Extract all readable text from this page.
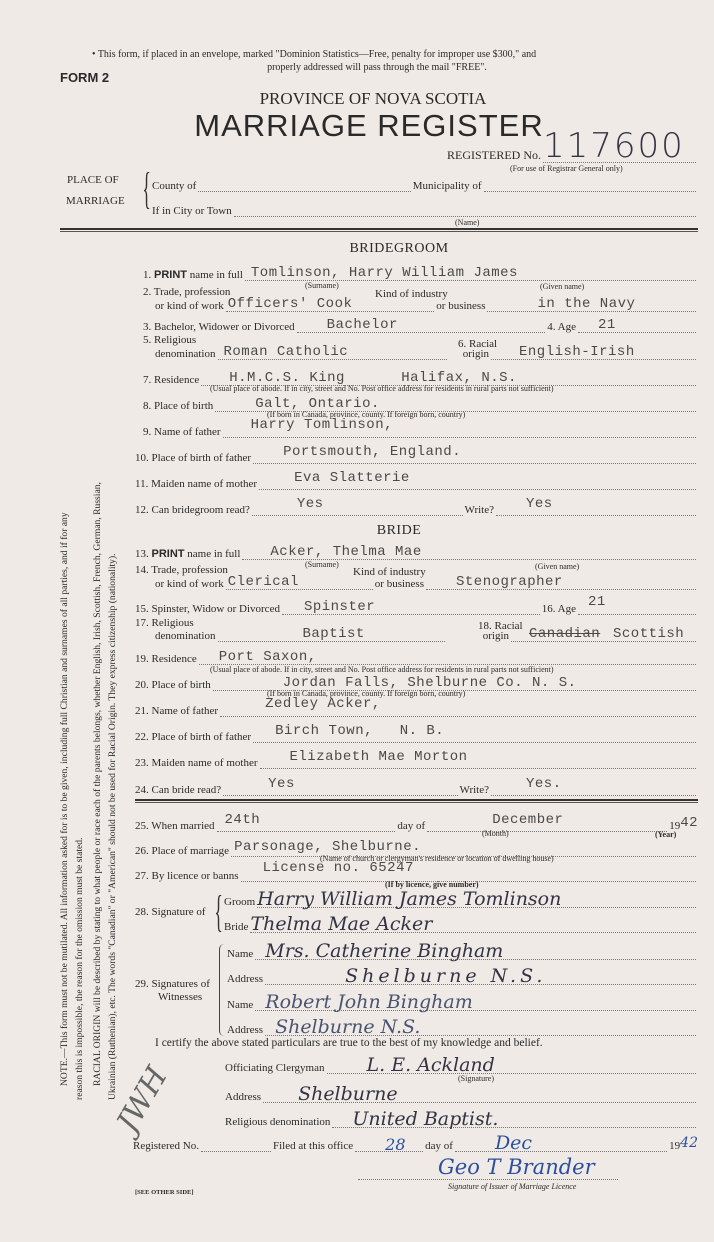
• This form, if placed in an envelope, marked "Dominion Statistics—Free, penalty for improper use $300," and
properly addressed will pass through the mail "FREE".
FORM 2
PROVINCE OF NOVA SCOTIA
MARRIAGE REGISTER
REGISTERED No. 117600
(For use of Registrar General only)
PLACE OF
MARRIAGE { County of	Municipality of
If in City or Town
(Name)

NOTE.—This form must not be mutilated. All information asked for is to be given, including full Christian and surnames of all parties, and if for any reason this is impossible, the reason for the omission must be stated. RACIAL ORIGIN will be described by stating to what people or race each of the parents belongs, whether English, Irish, Scottish, French, German, Russian, Ukrainian (Ruthenian), etc. The words "Canadian" or "American" should not be used for Racial Origin. They express citizenship (nationality).

BRIDEGROOM
1.
PRINT
name in full Tomlinson, Harry William James
(Surname)	(Given name)
2. Trade, profession	Kind of industry
or kind of work Officers' Cook	or business	in the Navy
3. Bachelor, Widower or Divorced Bachelor	4. Age 21
5. Religious	6. Racial
denomination Roman Catholic	origin English-Irish
7. Residence H.M.C.S. King	Halifax, N.S.
(Usual place of abode. If in city, street and No. Post office address for residents in rural parts not sufficient)
8. Place of birth	Galt, Ontario.
(If born in Canada, province, county. If foreign born, country)
9. Name of father Harry Tomlinson,
10. Place of birth of father Portsmouth, England.
11. Maiden name of mother	Eva Slatterie
12. Can bridegroom read?	Yes	Write? Yes
BRIDE
13.
PRINT
name in full Acker, Thelma Mae
(Surname)	(Given name)
14. Trade, profession	Kind of industry
or kind of work Clerical	or business Stenographer
15. Spinster, Widow or Divorced Spinster	16. Age 21
17. Religious	18. Racial
denomination	Baptist	origin Canadian Scottish
19. Residence Port Saxon,
(Usual place of abode. If in city, street and No. Post office address for residents in rural parts not sufficient)
20. Place of birth	Jordan Falls, Shelburne Co. N. S.
(If born in Canada, province, county. If foreign born, country)
21. Name of father	Zedley Acker,
22. Place of birth of father Birch Town,   N. B.
23. Maiden name of mother Elizabeth Mae Morton
24. Can bride read?	Yes	Write?	Yes.
25. When married 24th	day of	December	19 42
(Month)	(Year)
26. Place of marriage Parsonage, Shelburne.
(Name of church or clergyman's residence or location of dwelling house)
27. By licence or banns License no. 65247
(If by licence, give number)
28. Signature of { Groom Harry William James Tomlinson
Bride Thelma Mae Acker
29. Signatures of
Witnesses
Name Mrs. Catherine Bingham
Address	Shelburne N.S.
Name Robert John Bingham
Address Shelburne N.S.
I certify the above stated particulars are true to the best of my knowledge and belief.
Officiating Clergyman L. E. Ackland
(Signature)
Address Shelburne
Religious denomination United Baptist.
JWH
Registered No.	Filed at this office 28 day of Dec	19 42
Geo T Brander
Signature of Issuer of Marriage Licence
[SEE OTHER SIDE]
